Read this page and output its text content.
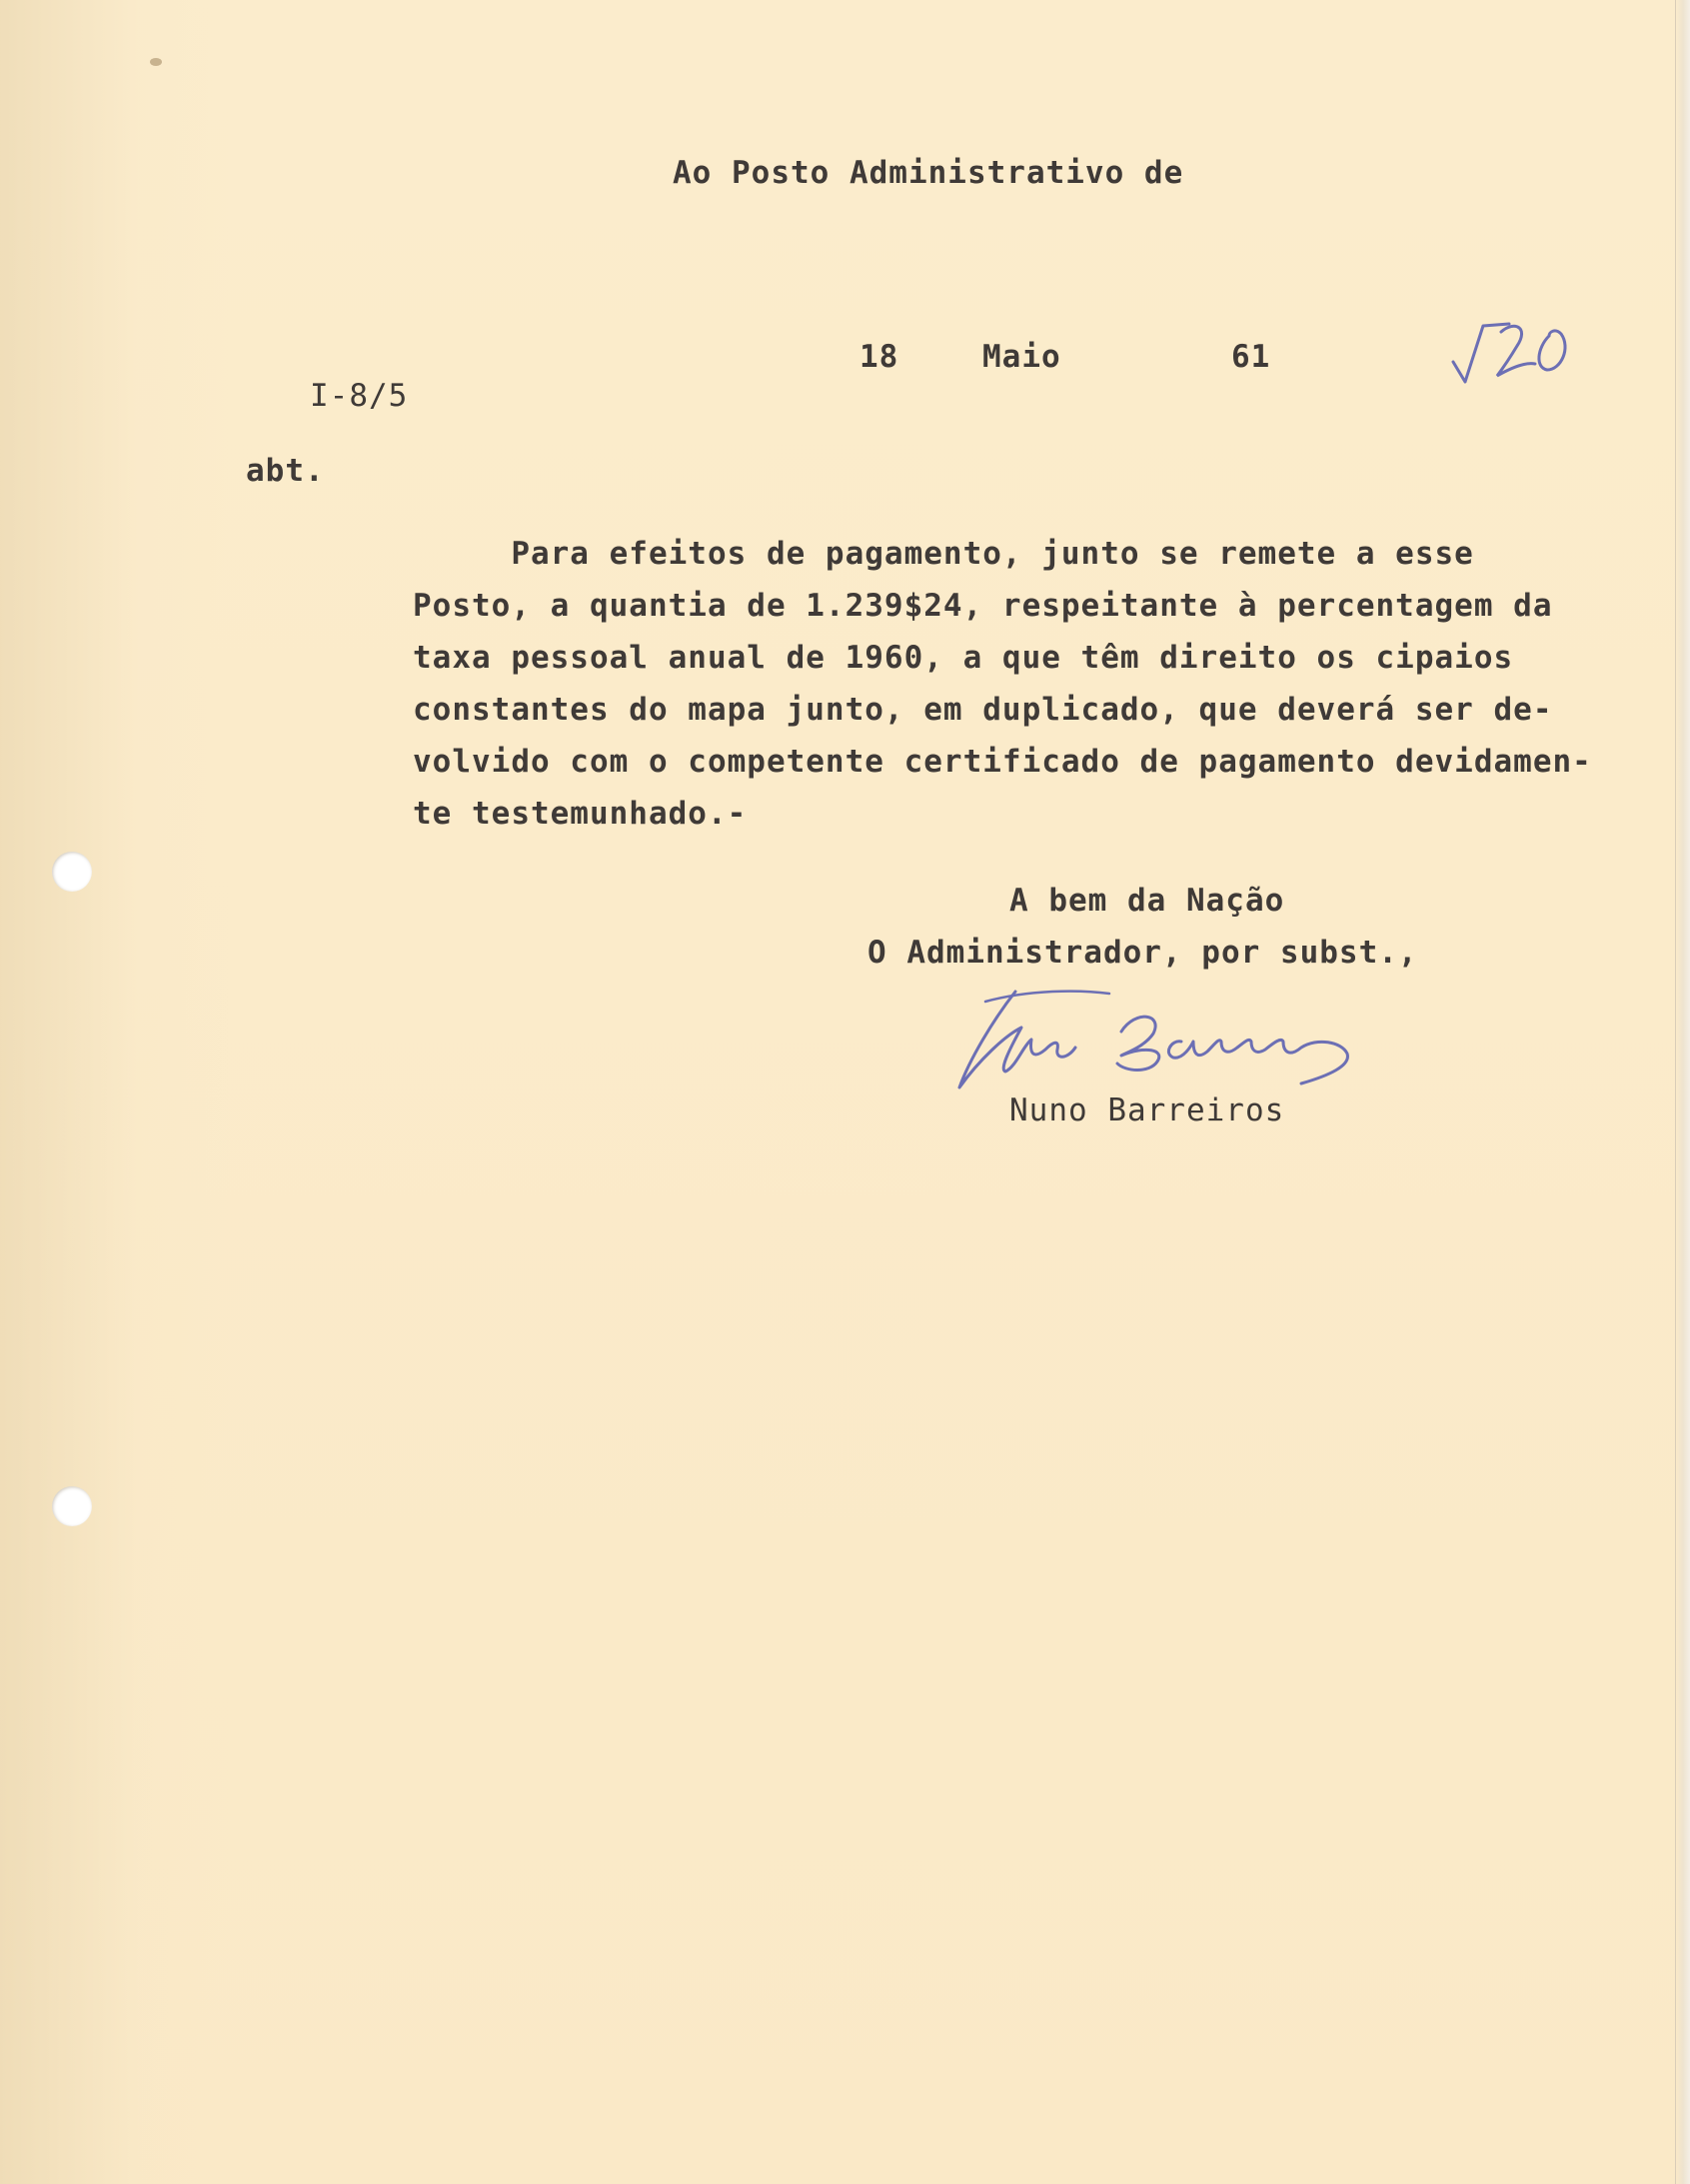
Ao Posto Administrativo de
18	Maio	61
I-8/5
abt.
Para efeitos de pagamento, junto se remete a esse
Posto, a quantia de 1.239$24, respeitante à percentagem da
taxa pessoal anual de 1960, a que têm direito os cipaios
constantes do mapa junto, em duplicado, que deverá ser de-
volvido com o competente certificado de pagamento devidamen-
te testemunhado.-
A bem da Nação
O Administrador, por subst.,
Nuno Barreiros
